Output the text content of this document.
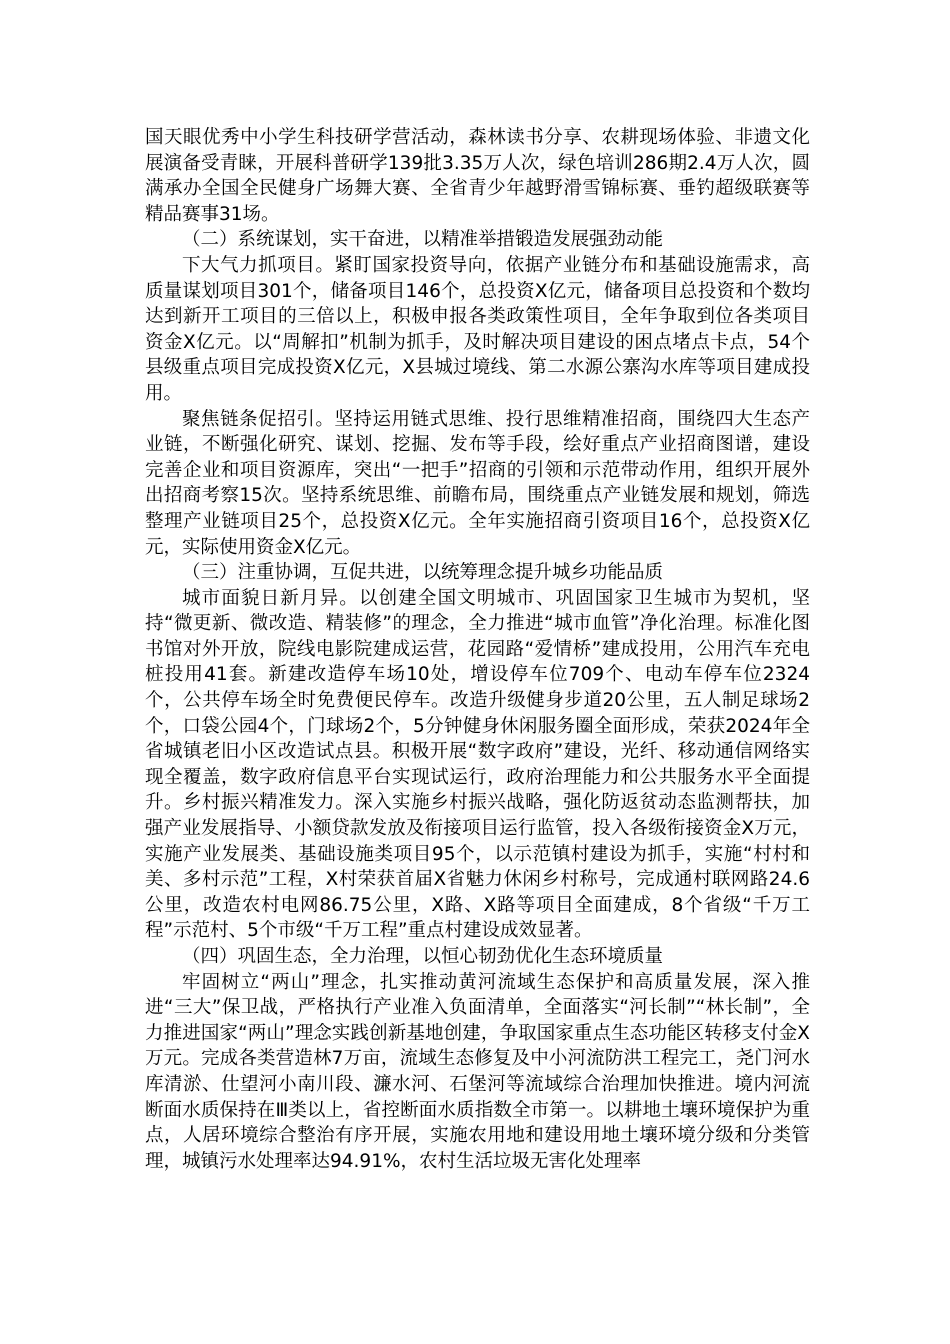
国天眼优秀中小学生科技研学营活动，森林读书分享、农耕现场体验、非遗文化展演备受青睐，开展科普研学139批3.35万人次，绿色培训286期2.4万人次，圆满承办全国全民健身广场舞大赛、全省青少年越野滑雪锦标赛、垂钓超级联赛等精品赛事31场。

（二）系统谋划，实干奋进，以精准举措锻造发展强劲动能

下大气力抓项目。紧盯国家投资导向，依据产业链分布和基础设施需求，高质量谋划项目301个，储备项目146个，总投资X亿元，储备项目总投资和个数均达到新开工项目的三倍以上，积极申报各类政策性项目，全年争取到位各类项目资金X亿元。以“周解扣”机制为抓手，及时解决项目建设的困点堵点卡点，54个县级重点项目完成投资X亿元，X县城过境线、第二水源公寨沟水库等项目建成投用。

聚焦链条促招引。坚持运用链式思维、投行思维精准招商，围绕四大生态产业链，不断强化研究、谋划、挖掘、发布等手段，绘好重点产业招商图谱，建设完善企业和项目资源库，突出“一把手”招商的引领和示范带动作用，组织开展外出招商考察15次。坚持系统思维、前瞻布局，围绕重点产业链发展和规划，筛选整理产业链项目25个，总投资X亿元。全年实施招商引资项目16个，总投资X亿元，实际使用资金X亿元。

（三）注重协调，互促共进，以统筹理念提升城乡功能品质

城市面貌日新月异。以创建全国文明城市、巩固国家卫生城市为契机，坚持“微更新、微改造、精装修”的理念，全力推进“城市血管”净化治理。标准化图书馆对外开放，院线电影院建成运营，花园路“爱情桥”建成投用，公用汽车充电桩投用41套。新建改造停车场10处，增设停车位709个、电动车停车位2324个，公共停车场全时免费便民停车。改造升级健身步道20公里，五人制足球场2个，口袋公园4个，门球场2个，5分钟健身休闲服务圈全面形成，荣获2024年全省城镇老旧小区改造试点县。积极开展“数字政府”建设，光纤、移动通信网络实现全覆盖，数字政府信息平台实现试运行，政府治理能力和公共服务水平全面提升。乡村振兴精准发力。深入实施乡村振兴战略，强化防返贫动态监测帮扶，加强产业发展指导、小额贷款发放及衔接项目运行监管，投入各级衔接资金X万元，实施产业发展类、基础设施类项目95个，以示范镇村建设为抓手，实施“村村和美、多村示范”工程，X村荣获首届X省魅力休闲乡村称号，完成通村联网路24.6公里，改造农村电网86.75公里，X路、X路等项目全面建成，8个省级“千万工程”示范村、5个市级“千万工程”重点村建设成效显著。

（四）巩固生态，全力治理，以恒心韧劲优化生态环境质量

牢固树立“两山”理念，扎实推动黄河流域生态保护和高质量发展，深入推进“三大”保卫战，严格执行产业准入负面清单，全面落实“河长制”“林长制”，全力推进国家“两山”理念实践创新基地创建，争取国家重点生态功能区转移支付金X万元。完成各类营造林7万亩，流域生态修复及中小河流防洪工程完工，尧门河水库清淤、仕望河小南川段、濂水河、石堡河等流域综合治理加快推进。境内河流断面水质保持在Ⅲ类以上，省控断面水质指数全市第一。以耕地土壤环境保护为重点，人居环境综合整治有序开展，实施农用地和建设用地土壤环境分级和分类管理，城镇污水处理率达94.91%，农村生活垃圾无害化处理率
